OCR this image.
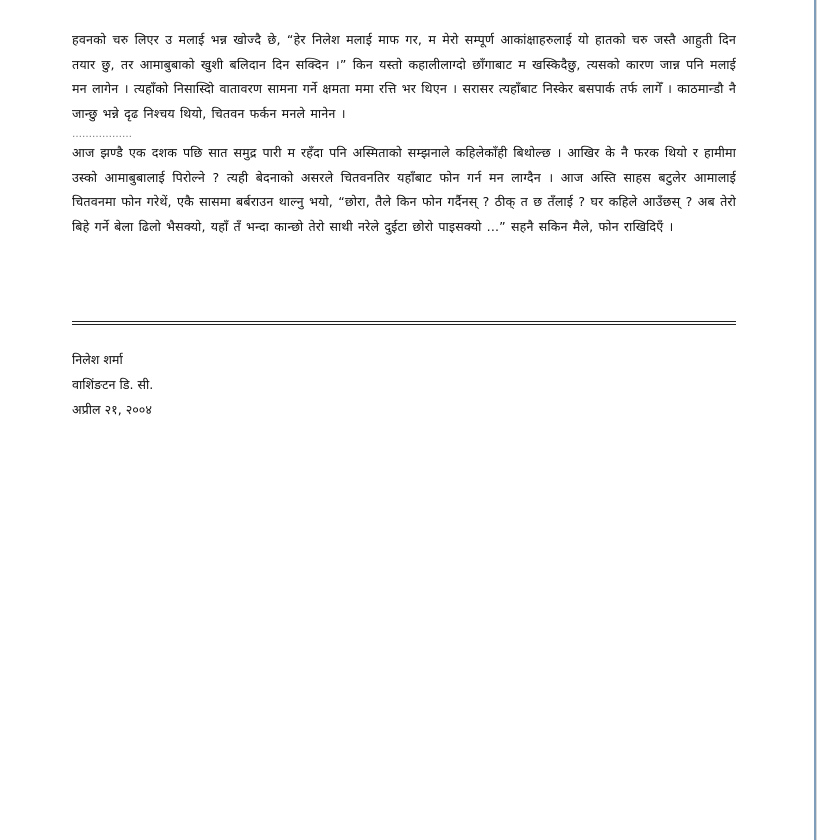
हवनको चरु लिएर उ मलाई भन्न खोज्दै छे, “हेर निलेश मलाई माफ गर, म मेरो सम्पूर्ण आकांक्षाहरुलाई यो हातको चरु जस्तै आहुती दिन तयार छु, तर आमाबुबाको खुशी बलिदान दिन सक्दिन ।” किन यस्तो कहालीलाग्दो छाँगाबाट म खस्किदैछु, त्यसको कारण जान्न पनि मलाई मन लागेन । त्यहाँको निसास्दिो वातावरण सामना गर्ने क्षमता ममा रत्ति भर थिएन । सरासर त्यहाँबाट निस्केर बसपार्क तर्फ लागेँ । काठमान्डौ नै जान्छु भन्ने दृढ निश्चय थियो, चितवन फर्कन मनले मानेन ।

………………

आज झण्डै एक दशक पछि सात समुद्र पारी म रहँदा पनि अस्मिताको सम्झनाले कहिलेकाँही बिथोल्छ । आखिर के नै फरक थियो र हामीमा उस्को आमाबुबालाई पिरोल्ने ? त्यही बेदनाको असरले चितवनतिर यहाँबाट फोन गर्न मन लाग्दैन । आज अस्ति साहस बटुलेर आमालाई चितवनमा फोन गरेथें, एकै सासमा बर्बराउन थाल्नु भयो, “छोरा, तैले किन फोन गर्दैनस् ? ठीक् त छ तँलाई ? घर कहिले आउँछस् ? अब तेरो बिहे गर्ने बेला ढिलो भैसक्यो, यहाँ तँ भन्दा कान्छो तेरो साथी नरेले दुईटा छोरो पाइसक्यो ...” सहनै सकिन मैले, फोन राखिदिएँ ।

निलेश शर्मा
वाशिंङटन डि. सी.
अप्रील २१, २००४
